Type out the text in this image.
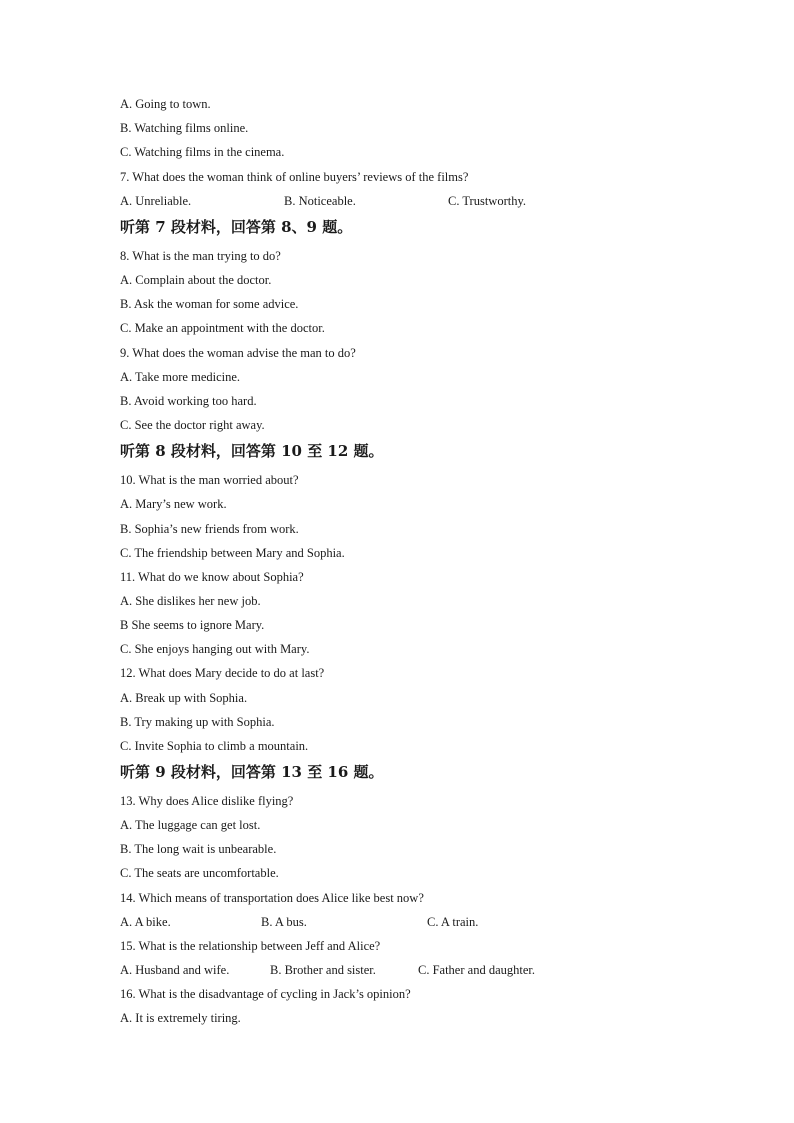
A. Going to town.
B. Watching films online.
C. Watching films in the cinema.
7. What does the woman think of online buyers’ reviews of the films?
A. Unreliable.	B. Noticeable.	C. Trustworthy.
听第 7 段材料，回答第 8、9 题。
8. What is the man trying to do?
A. Complain about the doctor.
B. Ask the woman for some advice.
C. Make an appointment with the doctor.
9. What does the woman advise the man to do?
A. Take more medicine.
B. Avoid working too hard.
C. See the doctor right away.
听第 8 段材料，回答第 10 至 12 题。
10. What is the man worried about?
A. Mary’s new work.
B. Sophia’s new friends from work.
C. The friendship between Mary and Sophia.
11. What do we know about Sophia?
A. She dislikes her new job.
B She seems to ignore Mary.
C. She enjoys hanging out with Mary.
12. What does Mary decide to do at last?
A. Break up with Sophia.
B. Try making up with Sophia.
C. Invite Sophia to climb a mountain.
听第 9 段材料，回答第 13 至 16 题。
13. Why does Alice dislike flying?
A. The luggage can get lost.
B. The long wait is unbearable.
C. The seats are uncomfortable.
14. Which means of transportation does Alice like best now?
A. A bike.	B. A bus.	C. A train.
15. What is the relationship between Jeff and Alice?
A. Husband and wife.	B. Brother and sister.	C. Father and daughter.
16. What is the disadvantage of cycling in Jack’s opinion?
A. It is extremely tiring.
